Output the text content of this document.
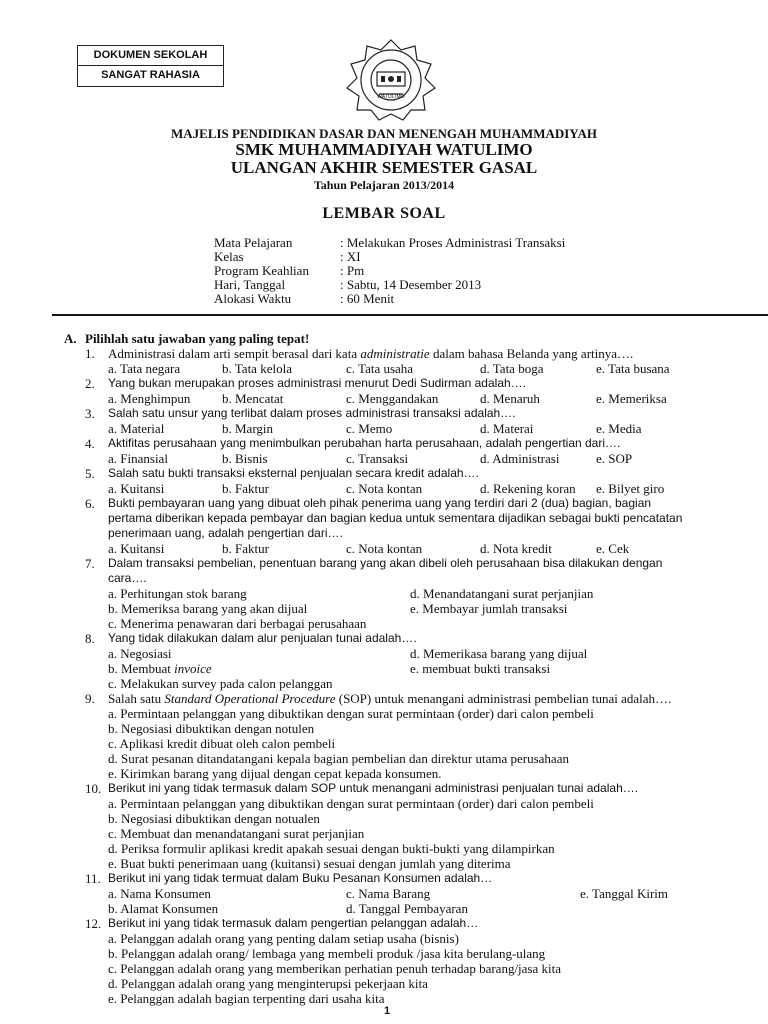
DOKUMEN SEKOLAH
SANGAT RAHASIA
WATULIMO
MAJELIS PENDIDIKAN DASAR DAN MENENGAH MUHAMMADIYAH
SMK MUHAMMADIYAH WATULIMO
ULANGAN AKHIR SEMESTER GASAL
Tahun Pelajaran 2013/2014
LEMBAR SOAL
Mata Pelajaran	: Melakukan Proses Administrasi Transaksi
Kelas	: XI
Program Keahlian : Pm
Hari, Tanggal	: Sabtu, 14 Desember 2013
Alokasi Waktu	: 60 Menit
A. Pilihlah satu jawaban yang paling tepat!
1. Administrasi dalam arti sempit berasal dari kata administratie dalam bahasa Belanda yang artinya….
a. Tata negara	b. Tata kelola	c. Tata usaha	d. Tata boga	e. Tata busana
2. Yang bukan merupakan proses administrasi menurut Dedi Sudirman adalah….
a. Menghimpun b. Mencatat	c. Menggandakan	d. Menaruh	e. Memeriksa
3. Salah satu unsur yang terlibat dalam proses administrasi transaksi adalah….
a. Material	b. Margin	c. Memo	d. Materai	e. Media
4. Aktifitas perusahaan yang menimbulkan perubahan harta perusahaan, adalah pengertian dari….
a. Finansial	b. Bisnis	c. Transaksi	d. Administrasi	e. SOP
5. Salah satu bukti transaksi eksternal penjualan secara kredit adalah….
a. Kuitansi	b. Faktur	c. Nota kontan	d. Rekening koran e. Bilyet giro
6. Bukti pembayaran uang yang dibuat oleh pihak penerima uang yang terdiri dari 2 (dua) bagian, bagian
pertama diberikan kepada pembayar dan bagian kedua untuk sementara dijadikan sebagai bukti pencatatan
penerimaan uang, adalah pengertian dari….
a. Kuitansi	b. Faktur	c. Nota kontan	d. Nota kredit	e. Cek
7. Dalam transaksi pembelian, penentuan barang yang akan dibeli oleh perusahaan bisa dilakukan dengan
cara….
a. Perhitungan stok barang	d. Menandatangani surat perjanjian
b. Memeriksa barang yang akan dijual	e. Membayar jumlah transaksi
c. Menerima penawaran dari berbagai perusahaan
8. Yang tidak dilakukan dalam alur penjualan tunai adalah….
a. Negosiasi	d. Memerikasa barang yang dijual
b. Membuat invoice	e. membuat bukti transaksi
c. Melakukan survey pada calon pelanggan
9. Salah satu Standard Operational Procedure (SOP) untuk menangani administrasi pembelian tunai adalah….
a. Permintaan pelanggan yang dibuktikan dengan surat permintaan (order) dari calon pembeli
b. Negosiasi dibuktikan dengan notulen
c. Aplikasi kredit dibuat oleh calon pembeli
d. Surat pesanan ditandatangani kepala bagian pembelian dan direktur utama perusahaan
e. Kirimkan barang yang dijual dengan cepat kepada konsumen.
10. Berikut ini yang tidak termasuk dalam SOP untuk menangani administrasi penjualan tunai adalah….
a. Permintaan pelanggan yang dibuktikan dengan surat permintaan (order) dari calon pembeli
b. Negosiasi dibuktikan dengan notualen
c. Membuat dan menandatangani surat perjanjian
d. Periksa formulir aplikasi kredit apakah sesuai dengan bukti-bukti yang dilampirkan
e. Buat bukti penerimaan uang (kuitansi) sesuai dengan jumlah yang diterima
11. Berikut ini yang tidak termuat dalam Buku Pesanan Konsumen adalah…
a. Nama Konsumen	c. Nama Barang	e. Tanggal Kirim
b. Alamat Konsumen	d. Tanggal Pembayaran
12. Berikut ini yang tidak termasuk dalam pengertian pelanggan adalah…
a. Pelanggan adalah orang yang penting dalam setiap usaha (bisnis)
b. Pelanggan adalah orang/ lembaga yang membeli produk /jasa kita berulang-ulang
c. Pelanggan adalah orang yang memberikan perhatian penuh terhadap barang/jasa kita
d. Pelanggan adalah orang yang menginterupsi pekerjaan kita
e. Pelanggan adalah bagian terpenting dari usaha kita
1
